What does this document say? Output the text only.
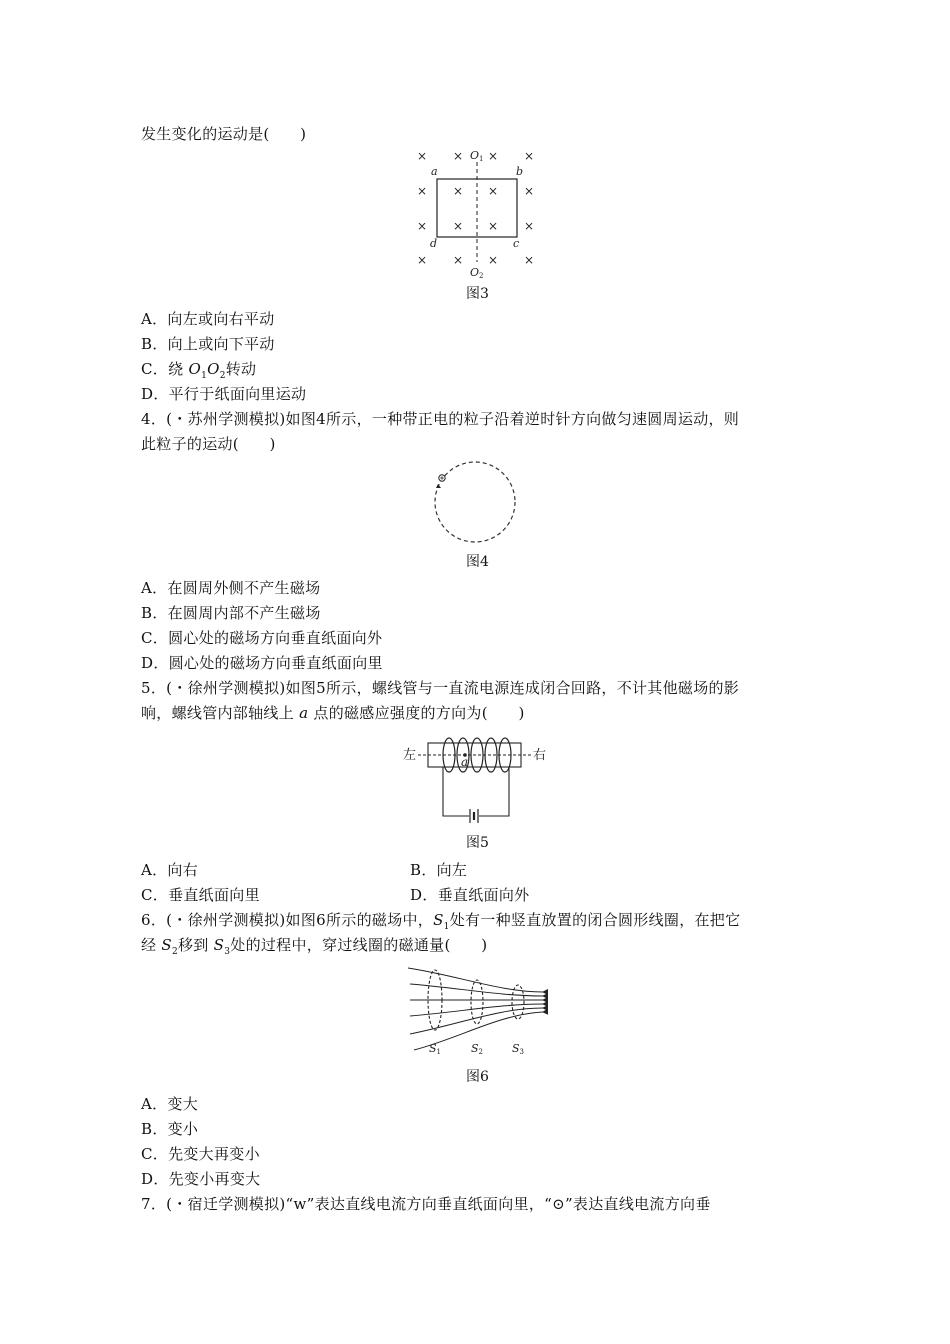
发生变化的运动是(　　)
× × × ×
× × × ×
× × × ×
× × × ×
a	b
c
d
O1
O2
图3
A．向左或向右平动
B．向上或向下平动
C．绕 $O_1O_2$转动
D．平行于纸面向里运动
4．(・苏州学测模拟)如图4所示，一种带正电的粒子沿着逆时针方向做匀速圆周运动，则
此粒子的运动(　　)
图4
A．在圆周外侧不产生磁场
B．在圆周内部不产生磁场
C．圆心处的磁场方向垂直纸面向外
D．圆心处的磁场方向垂直纸面向里
5．(・徐州学测模拟)如图5所示，螺线管与一直流电源连成闭合回路，不计其他磁场的影
响，螺线管内部轴线上 a 点的磁感应强度的方向为(　　)
左	右
a
图5
A．向右	B．向左
C．垂直纸面向里	D．垂直纸面向外
6．(・徐州学测模拟)如图6所示的磁场中，$S_1$处有一种竖直放置的闭合圆形线圈，在把它
经 $S_2$移到 $S_3$处的过程中，穿过线圈的磁通量(　　)
S1	S2	S3
图6
A．变大
B．变小
C．先变大再变小
D．先变小再变大
7．(・宿迁学测模拟)“w”表达直线电流方向垂直纸面向里，“⊙”表达直线电流方向垂
